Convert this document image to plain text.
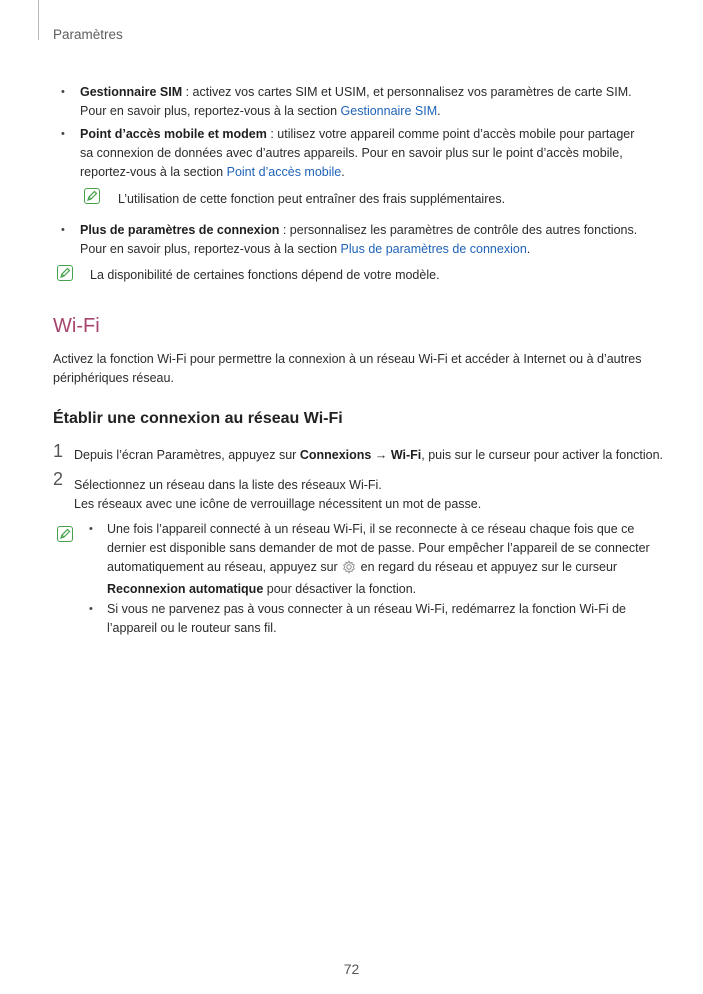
Paramètres
• Gestionnaire SIM : activez vos cartes SIM et USIM, et personnalisez vos paramètres de carte SIM. Pour en savoir plus, reportez-vous à la section Gestionnaire SIM.
• Point d’accès mobile et modem : utilisez votre appareil comme point d’accès mobile pour partager sa connexion de données avec d’autres appareils. Pour en savoir plus sur le point d’accès mobile, reportez-vous à la section Point d’accès mobile.
L’utilisation de cette fonction peut entraîner des frais supplémentaires.
• Plus de paramètres de connexion : personnalisez les paramètres de contrôle des autres fonctions. Pour en savoir plus, reportez-vous à la section Plus de paramètres de connexion.
La disponibilité de certaines fonctions dépend de votre modèle.
Wi-Fi
Activez la fonction Wi-Fi pour permettre la connexion à un réseau Wi-Fi et accéder à Internet ou à d’autres périphériques réseau.
Établir une connexion au réseau Wi-Fi
1 Depuis l’écran Paramètres, appuyez sur Connexions → Wi-Fi, puis sur le curseur pour activer la fonction.
2 Sélectionnez un réseau dans la liste des réseaux Wi-Fi.
Les réseaux avec une icône de verrouillage nécessitent un mot de passe.
• Une fois l’appareil connecté à un réseau Wi-Fi, il se reconnecte à ce réseau chaque fois que ce dernier est disponible sans demander de mot de passe. Pour empêcher l’appareil de se connecter automatiquement au réseau, appuyez sur  en regard du réseau et appuyez sur le curseur Reconnexion automatique pour désactiver la fonction.
• Si vous ne parvenez pas à vous connecter à un réseau Wi-Fi, redémarrez la fonction Wi-Fi de l’appareil ou le routeur sans fil.
72
